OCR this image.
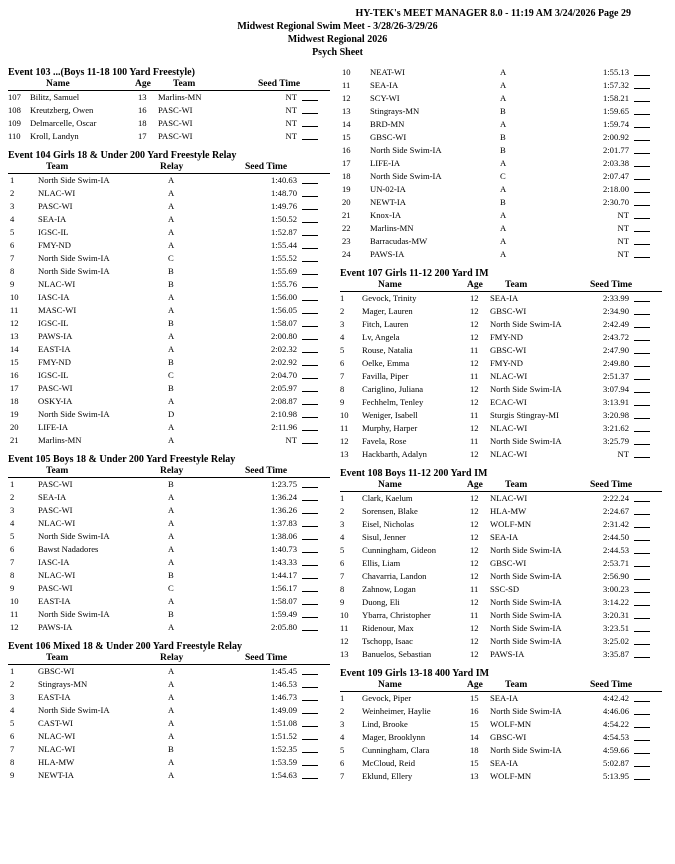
HY-TEK's MEET MANAGER 8.0 - 11:19 AM 3/24/2026 Page 29
Midwest Regional Swim Meet - 3/28/26-3/29/26
Midwest Regional 2026
Psych Sheet
Event 103 ...(Boys 11-18 100 Yard Freestyle)
Name	Age Team	Seed Time
107 Bilitz, Samuel	13 Marlins-MN	NT
108 Kreutzberg, Owen	16 PASC-WI	NT
109 Delmarcelle, Oscar	18 PASC-WI	NT
110 Kroll, Landyn	17 PASC-WI	NT
Event 104 Girls 18 & Under 200 Yard Freestyle Relay
Team	Relay	Seed Time
1	North Side Swim-IA	A	1:40.63
2	NLAC-WI	A	1:48.70
3	PASC-WI	A	1:49.76
4	SEA-IA	A	1:50.52
5	IGSC-IL	A	1:52.87
6	FMY-ND	A	1:55.44
7	North Side Swim-IA	C	1:55.52
8	North Side Swim-IA	B	1:55.69
9	NLAC-WI	B	1:55.76
10 IASC-IA	A	1:56.00
11 MASC-WI	A	1:56.05
12 IGSC-IL	B	1:58.07
13 PAWS-IA	A	2:00.80
14 EAST-IA	A	2:02.32
15 FMY-ND	B	2:02.92
16 IGSC-IL	C	2:04.70
17 PASC-WI	B	2:05.97
18 OSKY-IA	A	2:08.87
19 North Side Swim-IA	D	2:10.98
20 LIFE-IA	A	2:11.96
21 Marlins-MN	A	NT
Event 105 Boys 18 & Under 200 Yard Freestyle Relay
Team	Relay	Seed Time
1	PASC-WI	B	1:23.75
2	SEA-IA	A	1:36.24
3	PASC-WI	A	1:36.26
4	NLAC-WI	A	1:37.83
5	North Side Swim-IA	A	1:38.06
6	Bawst Nadadores	A	1:40.73
7	IASC-IA	A	1:43.33
8	NLAC-WI	B	1:44.17
9	PASC-WI	C	1:56.17
10 EAST-IA	A	1:58.07
11 North Side Swim-IA	B	1:59.49
12 PAWS-IA	A	2:05.80
Event 106 Mixed 18 & Under 200 Yard Freestyle Relay
Team	Relay	Seed Time
1	GBSC-WI	A	1:45.45
2	Stingrays-MN	A	1:46.53
3	EAST-IA	A	1:46.73
4	North Side Swim-IA	A	1:49.09
5	CAST-WI	A	1:51.08
6	NLAC-WI	A	1:51.52
7	NLAC-WI	B	1:52.35
8	HLA-MW	A	1:53.59
9	NEWT-IA	A	1:54.63
10 NEAT-WI	A	1:55.13
11 SEA-IA	A	1:57.32
12 SCY-WI	A	1:58.21
13 Stingrays-MN	B	1:59.65
14 BRD-MN	A	1:59.74
15 GBSC-WI	B	2:00.92
16 North Side Swim-IA	B	2:01.77
17 LIFE-IA	A	2:03.38
18 North Side Swim-IA	C	2:07.47
19 UN-02-IA	A	2:18.00
20 NEWT-IA	B	2:30.70
21 Knox-IA	A	NT
22 Marlins-MN	A	NT
23 Barracudas-MW	A	NT
24 PAWS-IA	A	NT
Event 107 Girls 11-12 200 Yard IM
Name	Age Team	Seed Time
1 Gevock, Trinity	12 SEA-IA	2:33.99
2 Mager, Lauren	12 GBSC-WI	2:34.90
3 Fitch, Lauren	12 North Side Swim-IA	2:42.49
4 Lv, Angela	12 FMY-ND	2:43.72
5 Rouse, Natalia	11 GBSC-WI	2:47.90
6 Oelke, Emma	12 FMY-ND	2:49.80
7 Favilla, Piper	11 NLAC-WI	2:51.37
8 Cariglino, Juliana	12 North Side Swim-IA	3:07.94
9 Fechhelm, Tenley	12 ECAC-WI	3:13.91
10 Weniger, Isabell	11 Sturgis Stingray-MI	3:20.98
11 Murphy, Harper	12 NLAC-WI	3:21.62
12 Favela, Rose	11 North Side Swim-IA	3:25.79
13 Hackbarth, Adalyn	12 NLAC-WI	NT
Event 108 Boys 11-12 200 Yard IM
Name	Age Team	Seed Time
1 Clark, Kaelum	12 NLAC-WI	2:22.24
2 Sorensen, Blake	12 HLA-MW	2:24.67
3 Eisel, Nicholas	12 WOLF-MN	2:31.42
4 Sisul, Jenner	12 SEA-IA	2:44.50
5 Cunningham, Gideon	12 North Side Swim-IA	2:44.53
6 Ellis, Liam	12 GBSC-WI	2:53.71
7 Chavarria, Landon	12 North Side Swim-IA	2:56.90
8 Zahnow, Logan	11 SSC-SD	3:00.23
9 Duong, Eli	12 North Side Swim-IA	3:14.22
10 Ybarra, Christopher	11 North Side Swim-IA	3:20.31
11 Ridenour, Max	12 North Side Swim-IA	3:23.51
12 Tschopp, Isaac	12 North Side Swim-IA	3:25.02
13 Banuelos, Sebastian	12 PAWS-IA	3:35.87
Event 109 Girls 13-18 400 Yard IM
Name	Age Team	Seed Time
1 Gevock, Piper	15 SEA-IA	4:42.42
2 Weinheimer, Haylie	16 North Side Swim-IA	4:46.06
3 Lind, Brooke	15 WOLF-MN	4:54.22
4 Mager, Brooklynn	14 GBSC-WI	4:54.53
5 Cunningham, Clara	18 North Side Swim-IA	4:59.66
6 McCloud, Reid	15 SEA-IA	5:02.87
7 Eklund, Ellery	13 WOLF-MN	5:13.95
